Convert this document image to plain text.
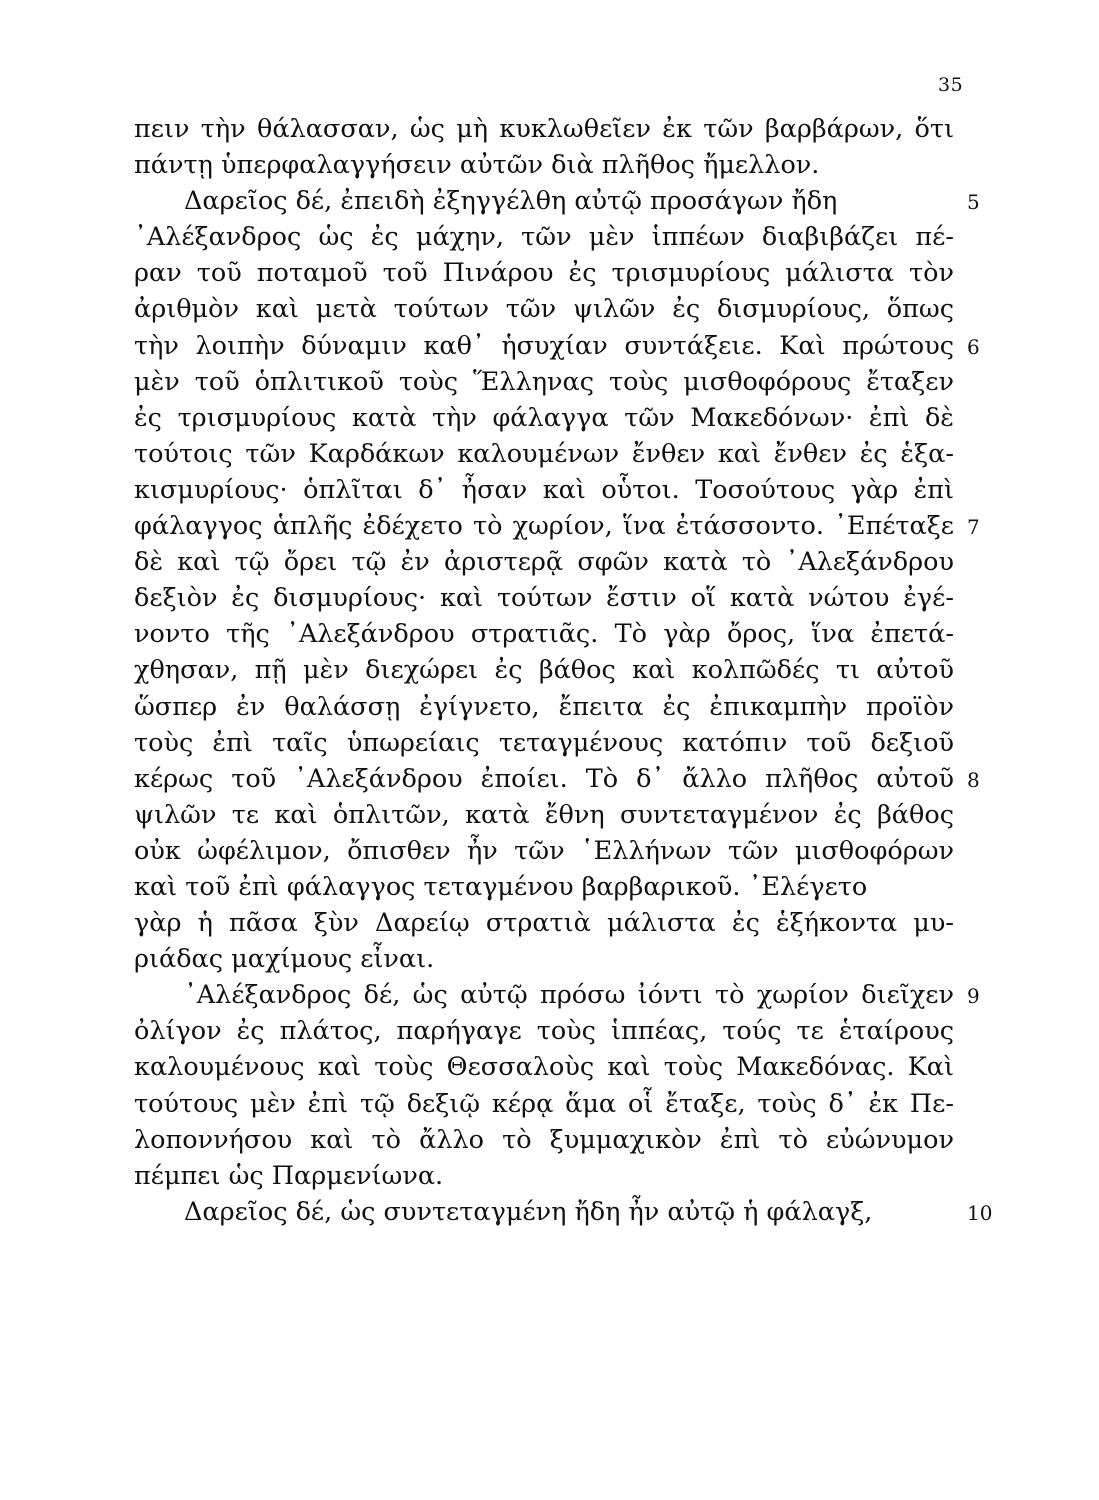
35
πειν τὴν θάλασσαν, ὡς μὴ κυκλωθεῖεν ἐκ τῶν βαρβάρων, ὅτι
πάντῃ ὑπερφαλαγγήσειν αὐτῶν διὰ πλῆθος ἤμελλον.
Δαρεῖος δέ, ἐπειδὴ ἐξηγγέλθη αὐτῷ προσάγων ἤδη	5
᾿Αλέξανδρος ὡς ἐς μάχην, τῶν μὲν ἱππέων διαβιβάζει πέ-
ραν τοῦ ποταμοῦ τοῦ Πινάρου ἐς τρισμυρίους μάλιστα τὸν
ἀριθμὸν καὶ μετὰ τούτων τῶν ψιλῶν ἐς δισμυρίους, ὅπως
τὴν λοιπὴν δύναμιν καθ᾿ ἡσυχίαν συντάξειε. Καὶ πρώτους 6
μὲν τοῦ ὁπλιτικοῦ τοὺς Ἕλληνας τοὺς μισθοφόρους ἔταξεν
ἐς τρισμυρίους κατὰ τὴν φάλαγγα τῶν Μακεδόνων· ἐπὶ δὲ
τούτοις τῶν Καρδάκων καλουμένων ἔνθεν καὶ ἔνθεν ἐς ἑξα-
κισμυρίους· ὁπλῖται δ᾿ ἦσαν καὶ οὗτοι. Τοσούτους γὰρ ἐπὶ
φάλαγγος ἁπλῆς ἐδέχετο τὸ χωρίον, ἵνα ἐτάσσοντο. ᾿Επέταξε 7
δὲ καὶ τῷ ὄρει τῷ ἐν ἀριστερᾷ σφῶν κατὰ τὸ ᾿Αλεξάνδρου
δεξιὸν ἐς δισμυρίους· καὶ τούτων ἔστιν οἵ κατὰ νώτου ἐγέ-
νοντο τῆς ᾿Αλεξάνδρου στρατιᾶς. Τὸ γὰρ ὄρος, ἵνα ἐπετά-
χθησαν, πῇ μὲν διεχώρει ἐς βάθος καὶ κολπῶδές τι αὐτοῦ
ὥσπερ ἐν θαλάσσῃ ἐγίγνετο, ἔπειτα ἐς ἐπικαμπὴν προϊὸν
τοὺς ἐπὶ ταῖς ὑπωρείαις τεταγμένους κατόπιν τοῦ δεξιοῦ
κέρως τοῦ ᾿Αλεξάνδρου ἐποίει. Τὸ δ᾿ ἄλλο πλῆθος αὐτοῦ 8
ψιλῶν τε καὶ ὁπλιτῶν, κατὰ ἔθνη συντεταγμένον ἐς βάθος
οὐκ ὠφέλιμον, ὄπισθεν ἦν τῶν ῾Ελλήνων τῶν μισθοφόρων
καὶ τοῦ ἐπὶ φάλαγγος τεταγμένου βαρβαρικοῦ. ᾿Ελέγετο
γὰρ ἡ πᾶσα ξὺν Δαρείῳ στρατιὰ μάλιστα ἐς ἑξήκοντα μυ-
ριάδας μαχίμους εἶναι.
᾿Αλέξανδρος δέ, ὡς αὐτῷ πρόσω ἰόντι τὸ χωρίον διεῖχεν 9
ὀλίγον ἐς πλάτος, παρήγαγε τοὺς ἱππέας, τούς τε ἑταίρους
καλουμένους καὶ τοὺς Θεσσαλοὺς καὶ τοὺς Μακεδόνας. Καὶ
τούτους μὲν ἐπὶ τῷ δεξιῷ κέρᾳ ἅμα οἷ ἔταξε, τοὺς δ᾿ ἐκ Πε-
λοποννήσου καὶ τὸ ἄλλο τὸ ξυμμαχικὸν ἐπὶ τὸ εὐώνυμον
πέμπει ὡς Παρμενίωνα.
Δαρεῖος δέ, ὡς συντεταγμένη ἤδη ἦν αὐτῷ ἡ φάλαγξ,	10
